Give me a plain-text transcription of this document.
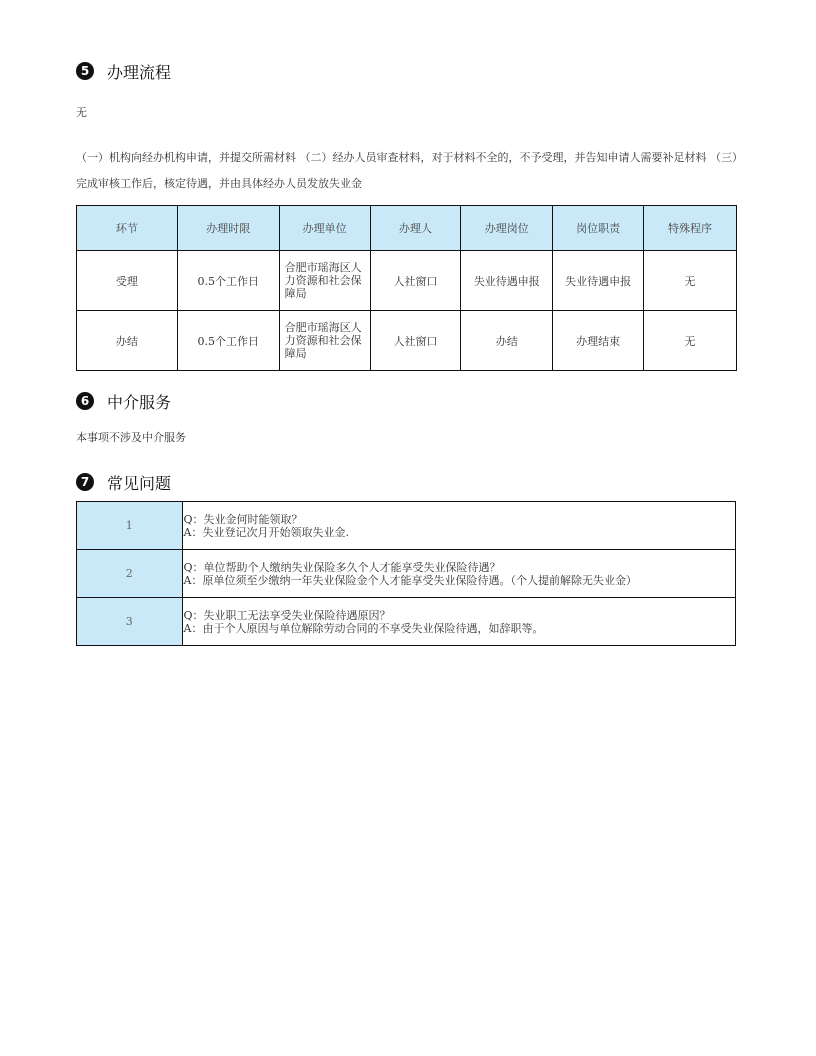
5	办理流程
无
（一）机构向经办机构申请，并提交所需材料 （二）经办人员审查材料，对于材料不全的，不予受理，并告知申请人需要补足材料 （三）完成审核工作后，核定待遇，并由具体经办人员发放失业金
环节	办理时限	办理单位	办理人	办理岗位	岗位职责	特殊程序
受理	0.5个工作日	合肥市瑶海区人力资源和社会保障局	人社窗口	失业待遇申报	失业待遇申报	无
办结	0.5个工作日	合肥市瑶海区人力资源和社会保障局	人社窗口	办结	办理结束	无
6	中介服务
本事项不涉及中介服务
7	常见问题
1	Q：失业金何时能领取？
A：失业登记次月开始领取失业金.

2	Q：单位帮助个人缴纳失业保险多久个人才能享受失业保险待遇？
A：原单位须至少缴纳一年失业保险金个人才能享受失业保险待遇。（个人提前解除无失业金）

3	Q：失业职工无法享受失业保险待遇原因？
A：由于个人原因与单位解除劳动合同的不享受失业保险待遇，如辞职等。
